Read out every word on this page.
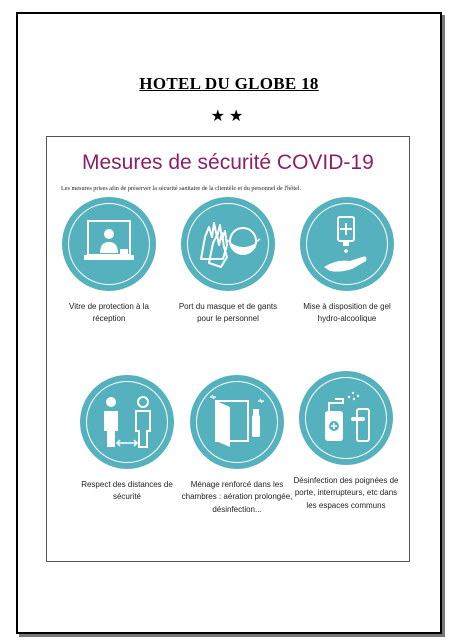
HOTEL DU GLOBE 18
★★
Mesures de sécurité COVID-19
Les mesures prises afin de préserver la sécurité sanitaire de la clientèle et du personnel de l'hôtel.
Vitre de protection à la réception
Port du masque et de gants pour le personnel
Mise à disposition de gel hydro-alcoolique
Respect des distances de sécurité
Ménage renforcé dans les chambres : aération prolongée, désinfection...
Désinfection des poignées de porte, interrupteurs, etc dans les espaces communs
